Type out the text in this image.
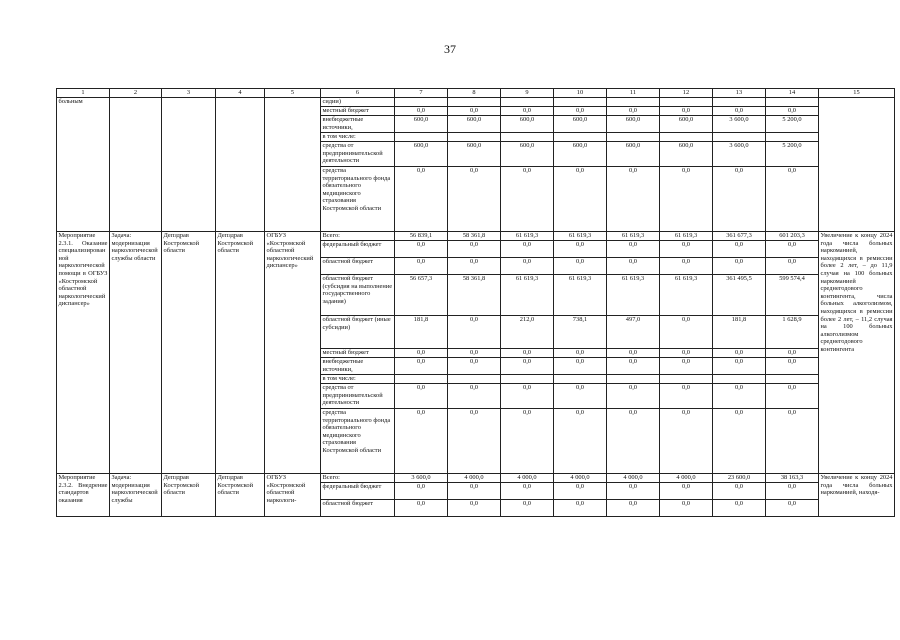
37
1	2	3	4	5	6	7	8	9	10	11	12	13	14	15
больным					сидии)									
					местный бюджет	0,0	0,0	0,0	0,0	0,0	0,0	0,0	0,0	
					внебюджетные источники,	600,0	600,0	600,0	600,0	600,0	600,0	3 600,0	5 200,0	
					в том числе:									
					средства от предпринимательской деятельности	600,0	600,0	600,0	600,0	600,0	600,0	3 600,0	5 200,0	
					средства территориального фонда обязательного медицинского страхования Костромской области	0,0	0,0	0,0	0,0	0,0	0,0	0,0	0,0	
Мероприятие 2.3.1. Оказание специализированной наркологической помощи в ОГБУЗ «Костромской областной наркологический диспансер»	Задача: модернизация наркологической службы области	Депздрав Костромской области	Депздрав Костромской области	ОГБУЗ «Костромской областной наркологический диспансер»	Всего:	56 839,1	58 361,8	61 619,3	61 619,3	61 619,3	61 619,3	361 677,3	601 203,3	Увеличение к концу 2024 года числа больных наркоманией, находящихся в ремиссии более 2 лет, – до 11,9 случая на 100 больных наркоманией среднегодового контингента, числа больных алкоголизмом, находящихся в ремиссии более 2 лет, – 11,2 случая на 100 больных алкоголизмом среднегодового контингента
					федеральный бюджет	0,0	0,0	0,0	0,0	0,0	0,0	0,0	0,0	
					областной бюджет	0,0	0,0	0,0	0,0	0,0	0,0	0,0	0,0	
					областной бюджет (субсидия на выполнение государственного задания)	56 657,3	58 361,8	61 619,3	61 619,3	61 619,3	61 619,3	361 495,5	599 574,4	
					областной бюджет (иные субсидии)	181,8	0,0	212,0	738,1	497,0	0,0	181,8	1 628,9	
					местный бюджет	0,0	0,0	0,0	0,0	0,0	0,0	0,0	0,0	
					внебюджетные источники,	0,0	0,0	0,0	0,0	0,0	0,0	0,0	0,0	
					в том числе:									
					средства от предпринимательской деятельности	0,0	0,0	0,0	0,0	0,0	0,0	0,0	0,0	
					средства территориального фонда обязательного медицинского страхования Костромской области	0,0	0,0	0,0	0,0	0,0	0,0	0,0	0,0	
Мероприятие 2.3.2. Внедрение стандартов оказания	Задача: модернизация наркологической службы	Депздрав Костромской области	Депздрав Костромской области	ОГБУЗ «Костромской областной наркологи-	Всего:	3 600,0	4 000,0	4 000,0	4 000,0	4 000,0	4 000,0	23 600,0	38 163,3	Увеличение к концу 2024 года числа больных наркоманией, находя-
					федеральный бюджет	0,0	0,0	0,0	0,0	0,0	0,0	0,0	0,0	
					областной бюджет	0,0	0,0	0,0	0,0	0,0	0,0	0,0	0,0	
